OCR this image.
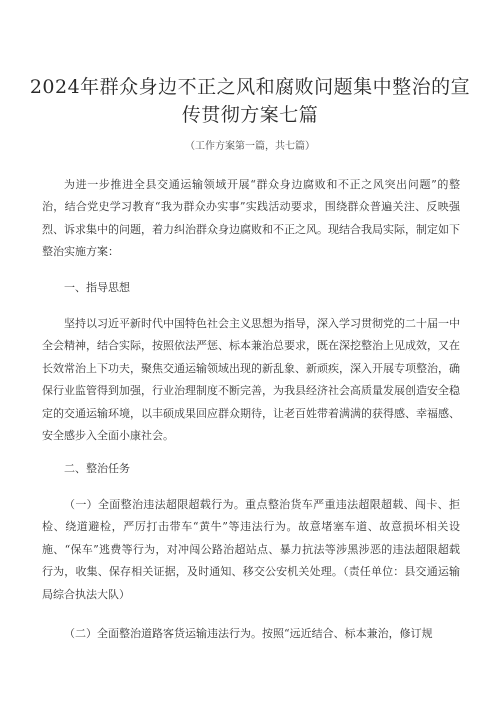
2024年群众身边不正之风和腐败问题集中整治的宣
传贯彻方案七篇
（工作方案第一篇，共七篇）

为进一步推进全县交通运输领域开展“群众身边腐败和不正之风突出问题”的整治，结合党史学习教育“我为群众办实事”实践活动要求，围绕群众普遍关注、反映强烈、诉求集中的问题，着力纠治群众身边腐败和不正之风。现结合我局实际，制定如下整治实施方案：

一、指导思想

坚持以习近平新时代中国特色社会主义思想为指导，深入学习贯彻党的二十届一中全会精神，结合实际，按照依法严惩、标本兼治总要求，既在深挖整治上见成效，又在长效常治上下功夫，聚焦交通运输领域出现的新乱象、新顽疾，深入开展专项整治，确保行业监管得到加强，行业治理制度不断完善，为我县经济社会高质量发展创造安全稳定的交通运输环境，以丰硕成果回应群众期待，让老百姓带着满满的获得感、幸福感、安全感步入全面小康社会。

二、整治任务

（一）全面整治违法超限超载行为。重点整治货车严重违法超限超载、闯卡、拒检、绕道避检，严厉打击带车“黄牛”等违法行为。故意堵塞车道、故意损坏相关设施、“保车”逃费等行为，对冲闯公路治超站点、暴力抗法等涉黑涉恶的违法超限超载行为，收集、保存相关证据，及时通知、移交公安机关处理。（责任单位：县交通运输局综合执法大队）

（二）全面整治道路客货运输违法行为。按照“远近结合、标本兼治，修订规
